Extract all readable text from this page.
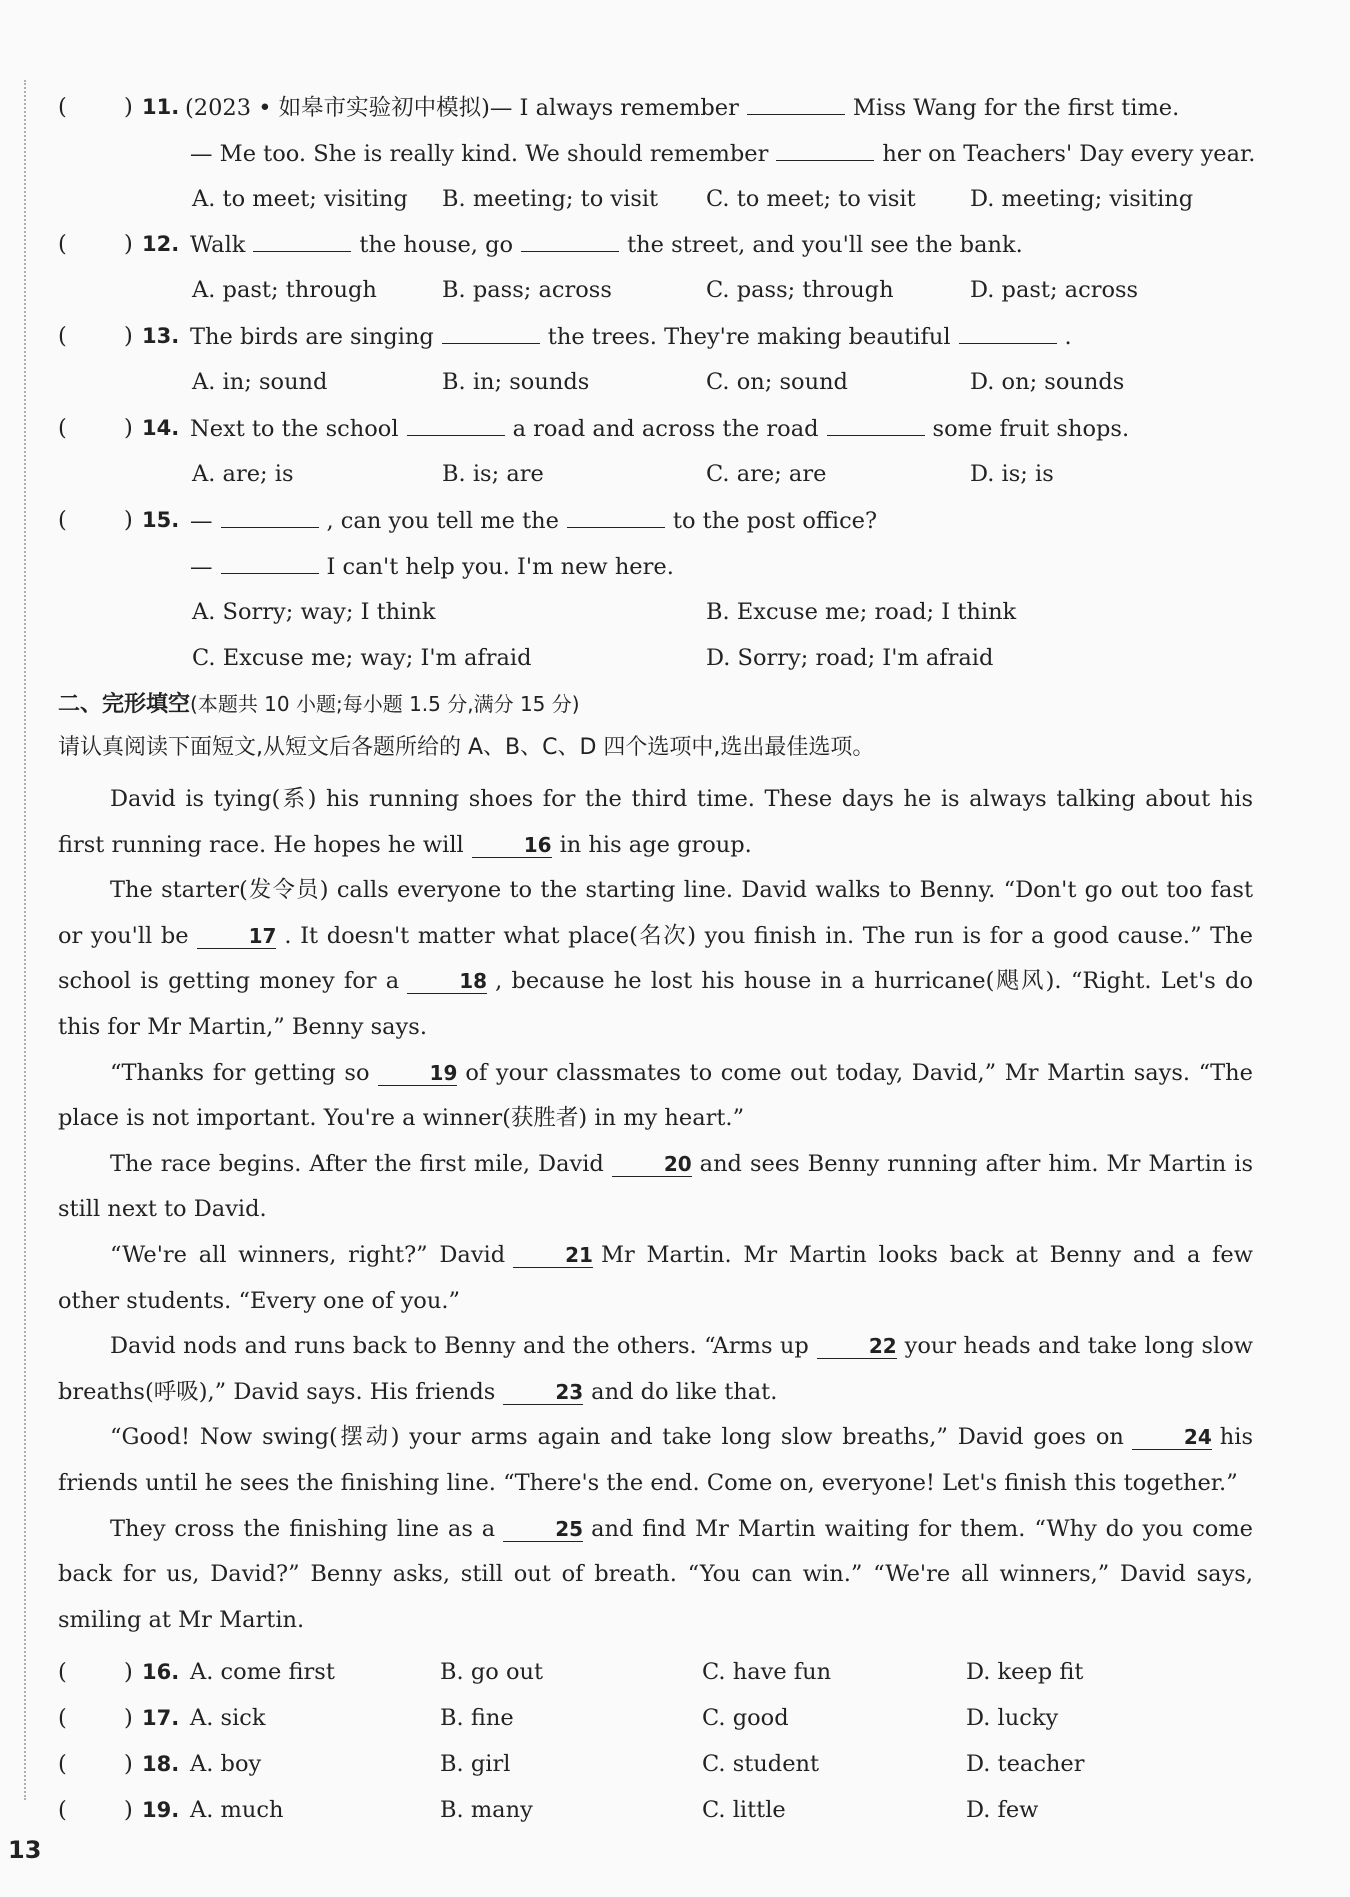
(	) 11. (2023 • 如皋市实验初中模拟)— I always remember	Miss Wang for the first time.
— Me too. She is really kind. We should remember	her on Teachers' Day every year.
A. to meet; visiting B. meeting; to visit C. to meet; to visit D. meeting; visiting
(	) 12. Walk	the house, go	the street, and you'll see the bank.
A. past; through	B. pass; across	C. pass; through	D. past; across
(	) 13. The birds are singing	the trees. They're making beautiful	.
A. in; sound	B. in; sounds	C. on; sound	D. on; sounds
(	) 14. Next to the school	a road and across the road	some fruit shops.
A. are; is	B. is; are	C. are; are	D. is; is
(	) 15. —	, can you tell me the	to the post office?
—	I can't help you. I'm new here.
A. Sorry; way; I think	B. Excuse me; road; I think
C. Excuse me; way; I'm afraid	D. Sorry; road; I'm afraid
二、完形填空(本题共 10 小题;每小题 1.5 分,满分 15 分)
请认真阅读下面短文,从短文后各题所给的 A、B、C、D 四个选项中,选出最佳选项。

David is tying(系) his running shoes for the third time. These days he is always talking about his first running race. He hopes he will	16 in his age group.

The starter(发令员) calls everyone to the starting line. David walks to Benny. “Don't go out too fast or you'll be	17 . It doesn't matter what place(名次) you finish in. The run is for a good cause.” The school is getting money for a	18 , because he lost his house in a hurricane(飓风). “Right. Let's do this for Mr Martin,” Benny says.

“Thanks for getting so	19 of your classmates to come out today, David,” Mr Martin says. “The place is not important. You're a winner(获胜者) in my heart.”

The race begins. After the first mile, David	20 and sees Benny running after him. Mr Martin is still next to David.

“We're all winners, right?” David	21 Mr Martin. Mr Martin looks back at Benny and a few other students. “Every one of you.”

David nods and runs back to Benny and the others. “Arms up	22 your heads and take long slow breaths(呼吸),” David says. His friends	23 and do like that.

“Good! Now swing(摆动) your arms again and take long slow breaths,” David goes on	24 his friends until he sees the finishing line. “There's the end. Come on, everyone! Let's finish this together.”

They cross the finishing line as a	25 and find Mr Martin waiting for them. “Why do you come back for us, David?” Benny asks, still out of breath. “You can win.” “We're all winners,” David says, smiling at Mr Martin.

(	) 16. A. come first	B. go out	C. have fun	D. keep fit
(	) 17. A. sick	B. fine	C. good	D. lucky
(	) 18. A. boy	B. girl	C. student	D. teacher
(	) 19. A. much	B. many	C. little	D. few
13
